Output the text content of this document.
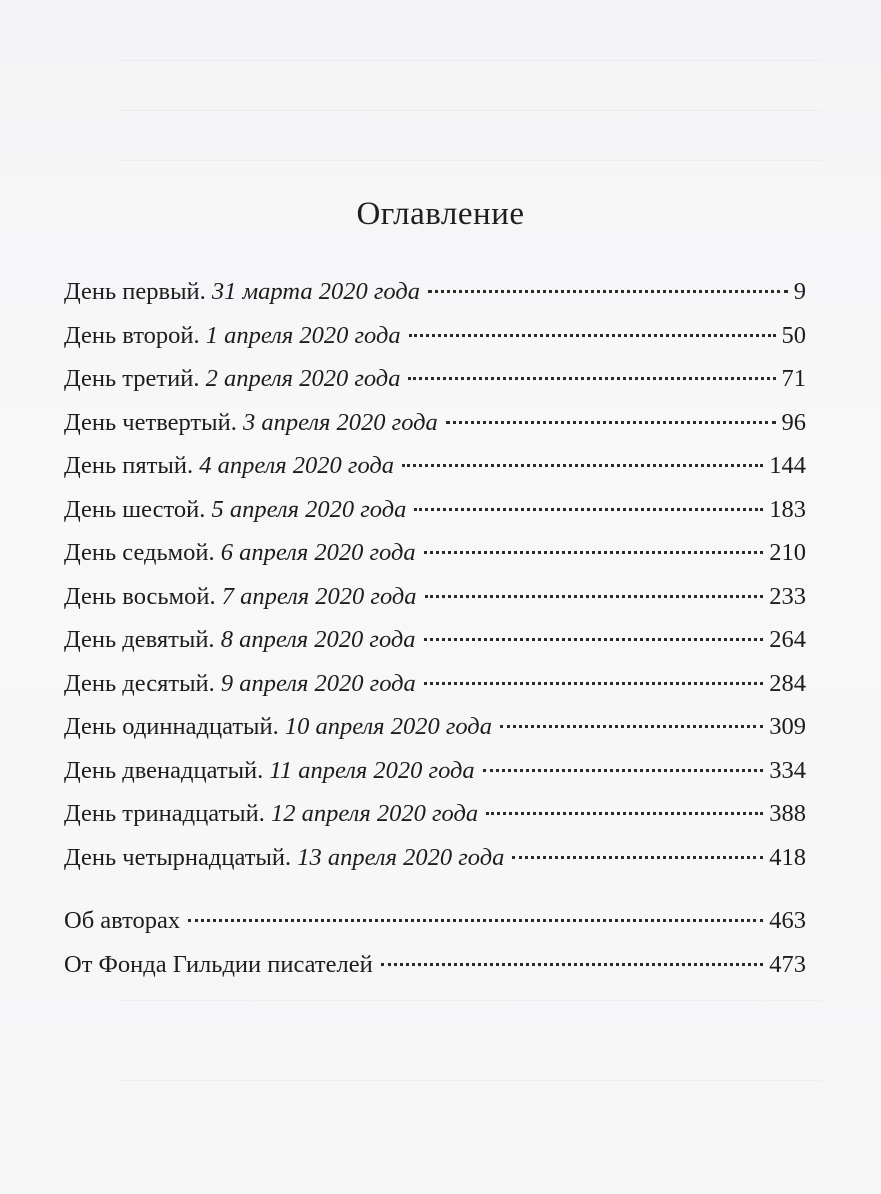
Оглавление
День первый. 31 марта 2020 года	9
День второй. 1 апреля 2020 года	50
День третий. 2 апреля 2020 года	71
День четвертый. 3 апреля 2020 года	96
День пятый. 4 апреля 2020 года	144
День шестой. 5 апреля 2020 года	183
День седьмой. 6 апреля 2020 года	210
День восьмой. 7 апреля 2020 года	233
День девятый. 8 апреля 2020 года	264
День десятый. 9 апреля 2020 года	284
День одиннадцатый. 10 апреля 2020 года	309
День двенадцатый. 11 апреля 2020 года	334
День тринадцатый. 12 апреля 2020 года	388
День четырнадцатый. 13 апреля 2020 года	418
Об авторах	463
От Фонда Гильдии писателей	473
